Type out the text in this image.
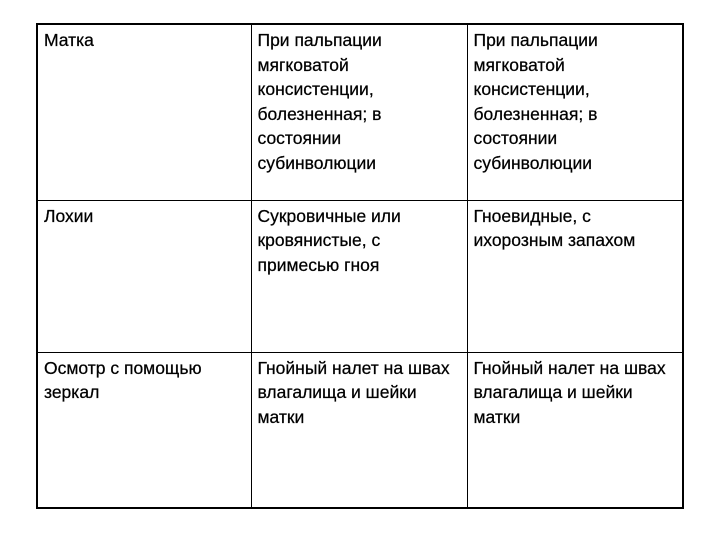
Матка	При пальпации мягковатой консистенции, болезненная; в состоянии субинволюции	При пальпации мягковатой консистенции, болезненная; в состоянии субинволюции

Лохии	Сукровичные или кровянистые, с примесью гноя	Гноевидные, с ихорозным запахом

Осмотр с помощью зеркал	Гнойный налет на швах влагалища и шейки матки	Гнойный налет на швах влагалища и шейки матки
